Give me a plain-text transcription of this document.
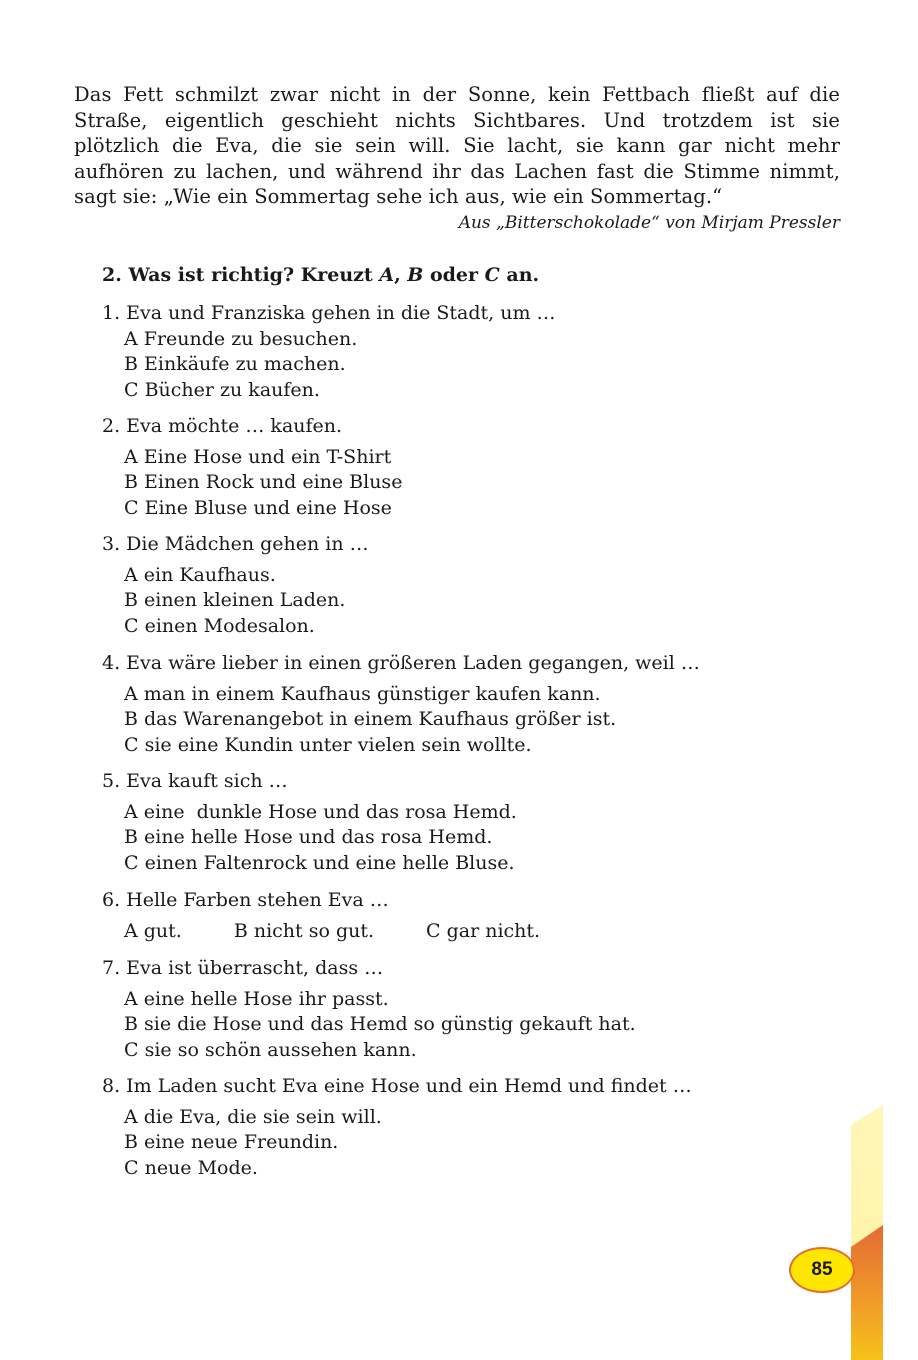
Das Fett schmilzt zwar nicht in der Sonne, kein Fettbach fließt auf die Straße, eigentlich geschieht nichts Sichtbares. Und trotzdem ist sie plötzlich die Eva, die sie sein will. Sie lacht, sie kann gar nicht mehr aufhören zu lachen, und während ihr das Lachen fast die Stimme nimmt, sagt sie: „Wie ein Sommertag sehe ich aus, wie ein Sommertag.“
Aus „Bitterschokolade“ von Mirjam Pressler
2. Was ist richtig? Kreuzt A, B oder C an.
1. Eva und Franziska gehen in die Stadt, um …
A Freunde zu besuchen.
B Einkäufe zu machen.
C Bücher zu kaufen.
2. Eva möchte … kaufen.
A Eine Hose und ein T-Shirt
B Einen Rock und eine Bluse
C Eine Bluse und eine Hose
3. Die Mädchen gehen in …
A ein Kaufhaus.
B einen kleinen Laden.
C einen Modesalon.
4. Eva wäre lieber in einen größeren Laden gegangen, weil …
A man in einem Kaufhaus günstiger kaufen kann.
B das Warenangebot in einem Kaufhaus größer ist.
C sie eine Kundin unter vielen sein wollte.
5. Eva kauft sich …
A eine  dunkle Hose und das rosa Hemd.
B eine helle Hose und das rosa Hemd.
C einen Faltenrock und eine helle Bluse.
6. Helle Farben stehen Eva …
A gut.	B nicht so gut.	C gar nicht.
7. Eva ist überrascht, dass …
A eine helle Hose ihr passt.
B sie die Hose und das Hemd so günstig gekauft hat.
C sie so schön aussehen kann.
8. Im Laden sucht Eva eine Hose und ein Hemd und findet …
A die Eva, die sie sein will.
B eine neue Freundin.
C neue Mode.
85
